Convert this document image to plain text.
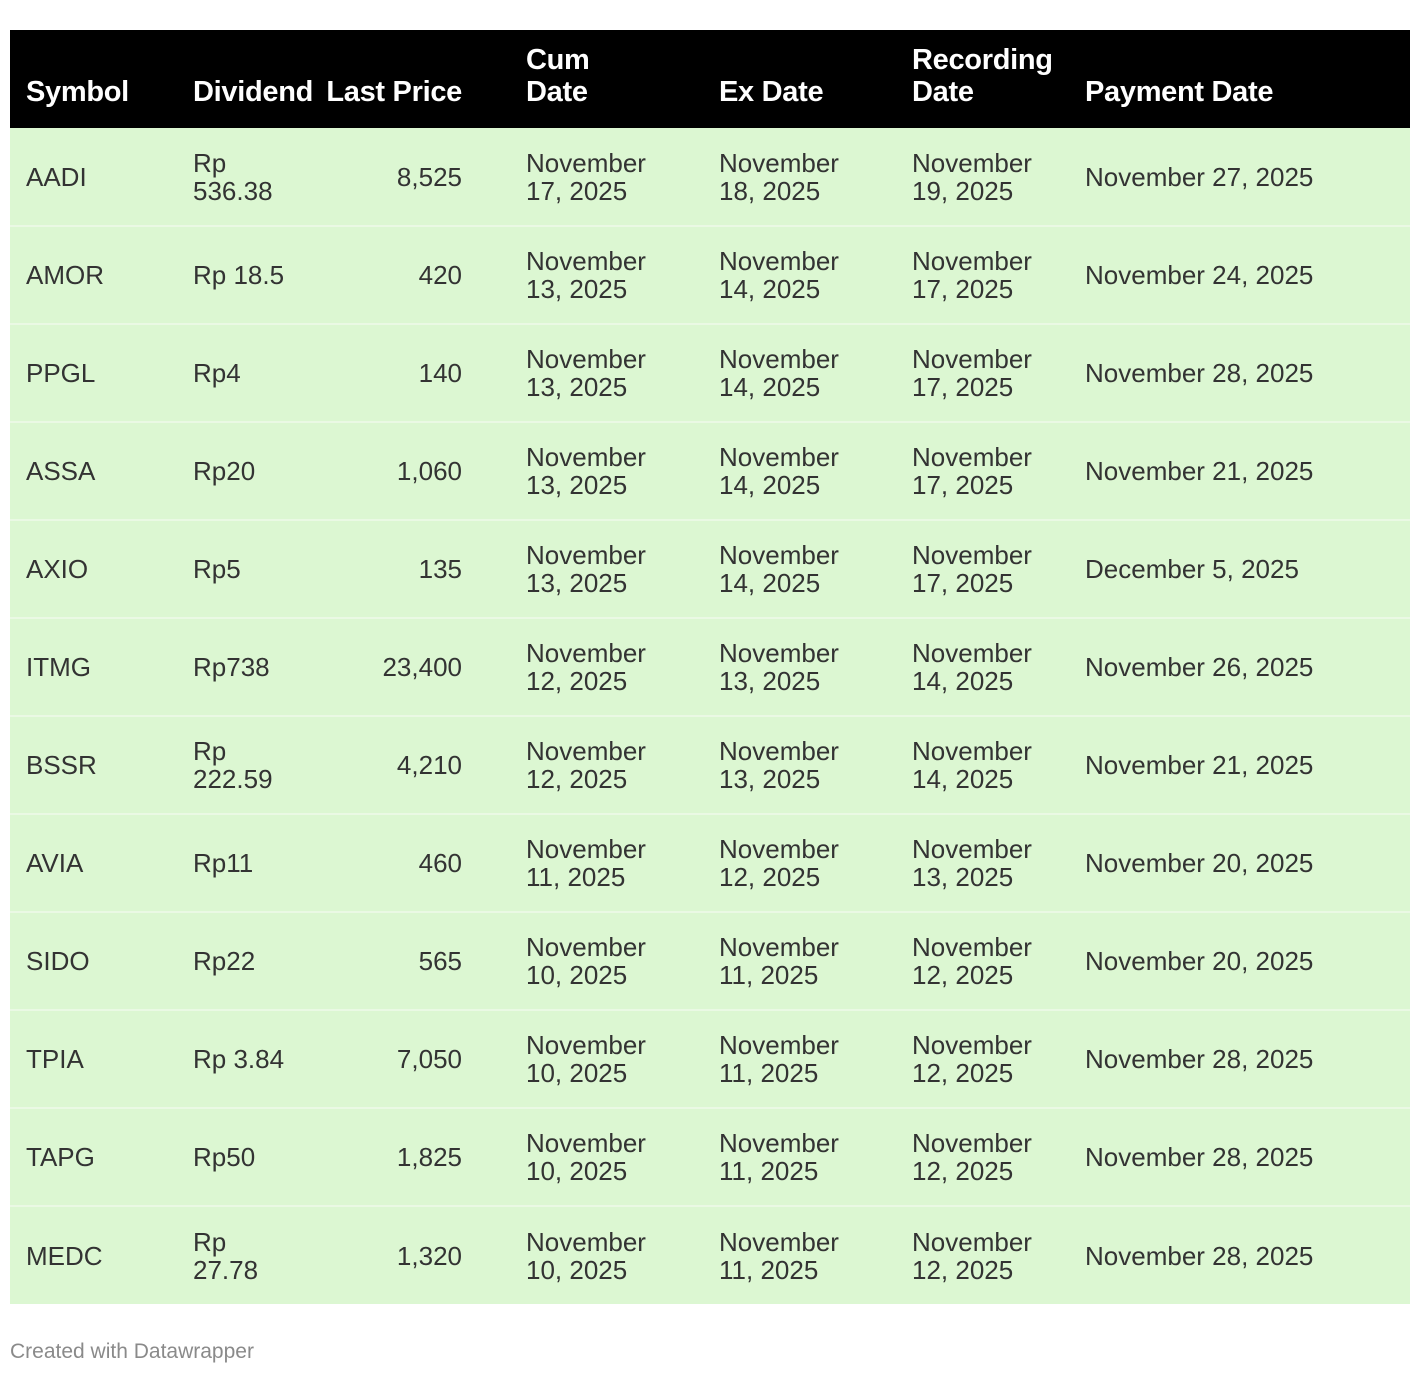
Symbol	Dividend	Last Price	Cum Date	Ex Date	Recording Date	Payment Date
AADI	Rp 536.38	8,525	November 17, 2025	November 18, 2025	November 19, 2025	November 27, 2025
AMOR	Rp 18.5	420	November 13, 2025	November 14, 2025	November 17, 2025	November 24, 2025
PPGL	Rp4	140	November 13, 2025	November 14, 2025	November 17, 2025	November 28, 2025
ASSA	Rp20	1,060	November 13, 2025	November 14, 2025	November 17, 2025	November 21, 2025
AXIO	Rp5	135	November 13, 2025	November 14, 2025	November 17, 2025	December 5, 2025
ITMG	Rp738	23,400	November 12, 2025	November 13, 2025	November 14, 2025	November 26, 2025
BSSR	Rp 222.59	4,210	November 12, 2025	November 13, 2025	November 14, 2025	November 21, 2025
AVIA	Rp11	460	November 11, 2025	November 12, 2025	November 13, 2025	November 20, 2025
SIDO	Rp22	565	November 10, 2025	November 11, 2025	November 12, 2025	November 20, 2025
TPIA	Rp 3.84	7,050	November 10, 2025	November 11, 2025	November 12, 2025	November 28, 2025
TAPG	Rp50	1,825	November 10, 2025	November 11, 2025	November 12, 2025	November 28, 2025
MEDC	Rp 27.78	1,320	November 10, 2025	November 11, 2025	November 12, 2025	November 28, 2025
Created with Datawrapper
